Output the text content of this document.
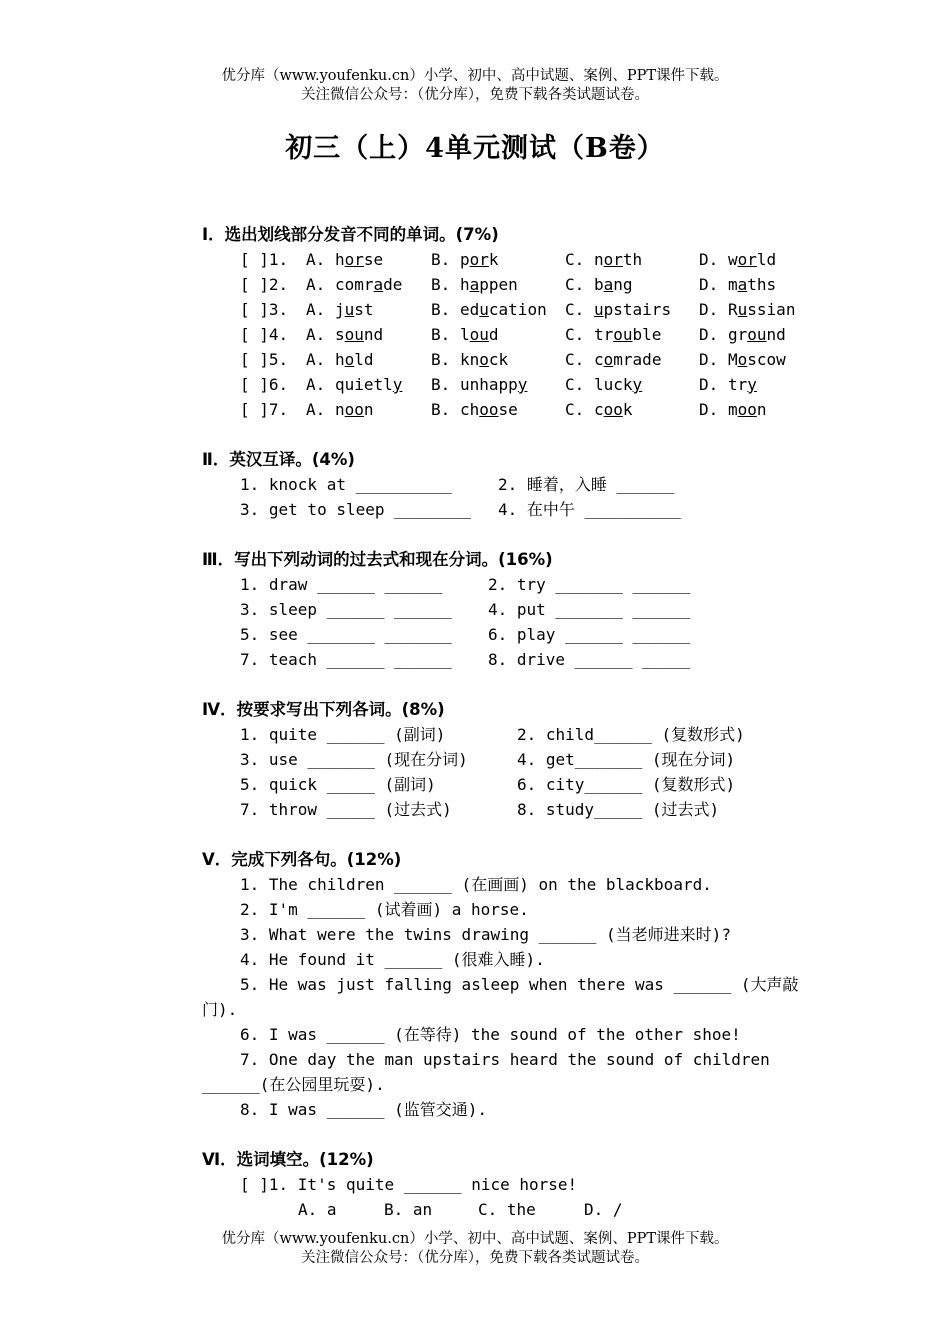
优分库（www.youfenku.cn）小学、初中、高中试题、案例、PPT课件下载。
关注微信公众号：（优分库），免费下载各类试题试卷。
初三（上）4单元测试（B卷）
Ⅰ．选出划线部分发音不同的单词。(7%)
[ ]1. A. horse	B. pork	C. north	D. world
[ ]2. A. comrade B. happen	C. bang	D. maths
[ ]3. A. just	B. education C. upstairs D. Russian
[ ]4. A. sound	B. loud	C. trouble D. ground
[ ]5. A. hold	B. knock	C. comrade D. Moscow
[ ]6. A. quietly B. unhappy C. lucky	D. try
[ ]7. A. noon	B. choose	C. cook	D. moon
Ⅱ．英汉互译。(4%)
1. knock at __________	2. 睡着，入睡 ______
3. get to sleep ________ 4. 在中午 __________
Ⅲ．写出下列动词的过去式和现在分词。(16%)
1. draw ______ ______	2. try _______ ______
3. sleep ______ ______ 4. put _______ ______
5. see _______ _______ 6. play ______ ______
7. teach ______ ______ 8. drive ______ _____
Ⅳ．按要求写出下列各词。(8%)
1. quite ______ (副词)	2. child______ (复数形式)
3. use _______ (现在分词)	4. get_______ (现在分词)
5. quick _____ (副词)	6. city______ (复数形式)
7. throw _____ (过去式)	8. study_____ (过去式)
Ⅴ．完成下列各句。(12%)
1. The children ______ (在画画) on the blackboard.
2. I'm ______ (试着画) a horse.
3. What were the twins drawing ______ (当老师进来时)?
4. He found it ______ (很难入睡).
5. He was just falling asleep when there was ______ (大声敲
门).
6. I was ______ (在等待) the sound of the other shoe!
7. One day the man upstairs heard the sound of children
______(在公园里玩耍).
8. I was ______ (监管交通).
Ⅵ．选词填空。(12%)
[ ]1. It's quite ______ nice horse!
A. a	B. an	C. the	D. /
优分库（www.youfenku.cn）小学、初中、高中试题、案例、PPT课件下载。
关注微信公众号：（优分库），免费下载各类试题试卷。
